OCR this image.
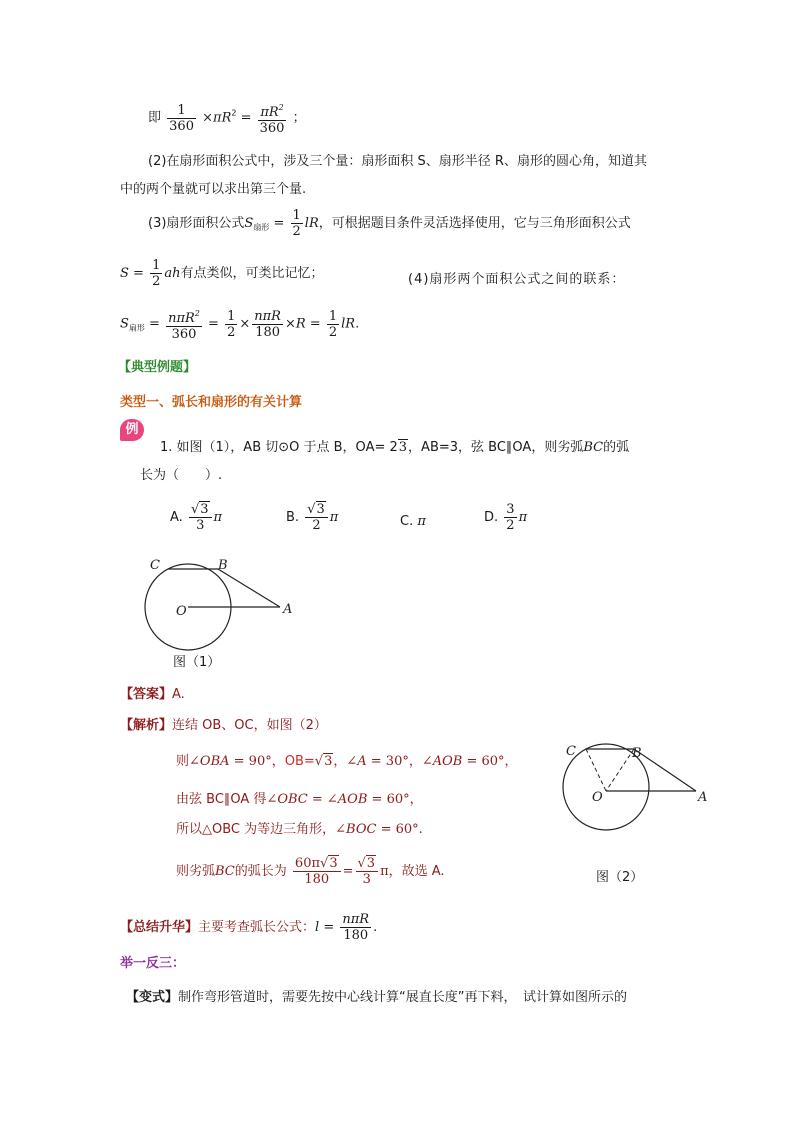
即 $\frac{1}{360} \times\pi R^2 = \frac{\pi R^2}{360}$ ；
(2)在扇形面积公式中，涉及三个量：扇形面积 S、扇形半径 R、扇形的圆心角，知道其
中的两个量就可以求出第三个量.
(3)扇形面积公式$S_{扇形} = \frac{1}{2}$ lR，可根据题目条件灵活选择使用，它与三角形面积公式
$S = \frac{1}{2}$ ah有点类似，可类比记忆；	(4)扇形两个面积公式之间的联系：
$S_{扇形} = \frac{n\pi R^2}{360} = \frac{1}{2} \times \frac{\text{nπR}}{180} \times R = \frac{1}{2}$ lR.
【典型例题】
类型一、弧长和扇形的有关计算
例
1. 如图（1），AB 切⊙O 于点 B，OA= 23，AB=3，弦 BC∥OA，则劣弧BC的弧
长为（　　）.
A. $\frac{√3}{3}$ π	B. $\frac{√3}{2}$ π	C. π	D. $\frac{3}{2}$ π
C	B
O	A
图（1）
【答案】A.
【解析】连结 OB、OC，如图（2）
则∠OBA = 90°，OB=√3，∠A = 30°，∠AOB = 60°，
由弦 BC∥OA 得∠OBC = ∠AOB = 60°，
所以△OBC 为等边三角形，∠BOC = 60°.
则劣弧BC的弧长为 $\frac{60\pi√3}{180} = \frac{√3}{3}$ π，故选 A.
C	B
O	A
图（2）
【总结升华】主要考查弧长公式：$l = \frac{\text{nπR}}{180}$ .
举一反三：
【变式】制作弯形管道时，需要先按中心线计算“展直长度”再下料，　试计算如图所示的
